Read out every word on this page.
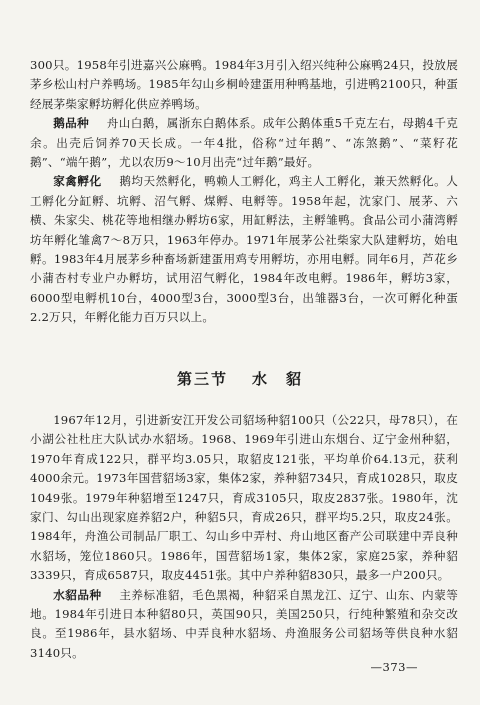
300只。1958年引进嘉兴公麻鸭。1984年3月引入绍兴纯种公麻鸭24只，投放展茅乡松山村户养鸭场。1985年勾山乡桐岭建蛋用种鸭基地，引进鸭2100只，种蛋经展茅柴家孵坊孵化供应养鸭场。

鹅品种 舟山白鹅，属浙东白鹅体系。成年公鹅体重5千克左右，母鹅4千克余。出壳后饲养70天长成。一年4批，俗称“过年鹅”、“冻煞鹅”、“菜籽花鹅”、“端午鹅”，尤以农历9～10月出壳“过年鹅”最好。

家禽孵化 鹅均天然孵化，鸭赖人工孵化，鸡主人工孵化，兼天然孵化。人工孵化分缸孵、坑孵、沼气孵、煤孵、电孵等。1958年起，沈家门、展茅、六横、朱家尖、桃花等地相继办孵坊6家，用缸孵法，主孵雏鸭。食品公司小蒲湾孵坊年孵化雏禽7～8万只，1963年停办。1971年展茅公社柴家大队建孵坊，始电孵。1983年4月展茅乡种畜场新建蛋用鸡专用孵坊，亦用电孵。同年6月，芦花乡小蒲杏村专业户办孵坊，试用沼气孵化，1984年改电孵。1986年，孵坊3家，6000型电孵机10台，4000型3台，3000型3台，出雏器3台，一次可孵化种蛋2.2万只，年孵化能力百万只以上。

第三节 水　貂

1967年12月，引进新安江开发公司貂场种貂100只（公22只，母78只），在小湖公社杜庄大队试办水貂场。1968、1969年引进山东烟台、辽宁金州种貂，1970年育成122只，群平均3.05只，取貂皮121张，平均单价64.13元，获利4000余元。1973年国营貂场3家，集体2家，养种貂734只，育成1028只，取皮1049张。1979年种貂增至1247只，育成3105只，取皮2837张。1980年，沈家门、勾山出现家庭养貂2户，种貂5只，育成26只，群平均5.2只，取皮24张。1984年，舟渔公司制品厂职工、勾山乡中弄村、舟山地区畜产公司联建中弄良种水貂场，笼位1860只。1986年，国营貂场1家，集体2家，家庭25家，养种貂3339只，育成6587只，取皮4451张。其中户养种貂830只，最多一户200只。

水貂品种 主养标准貂，毛色黑褐，种貂采自黑龙江、辽宁、山东、内蒙等地。1984年引进日本种貂80只，英国90只，美国250只，行纯种繁殖和杂交改良。至1986年，县水貂场、中弄良种水貂场、舟渔服务公司貂场等供良种水貂3140只。

—373—
